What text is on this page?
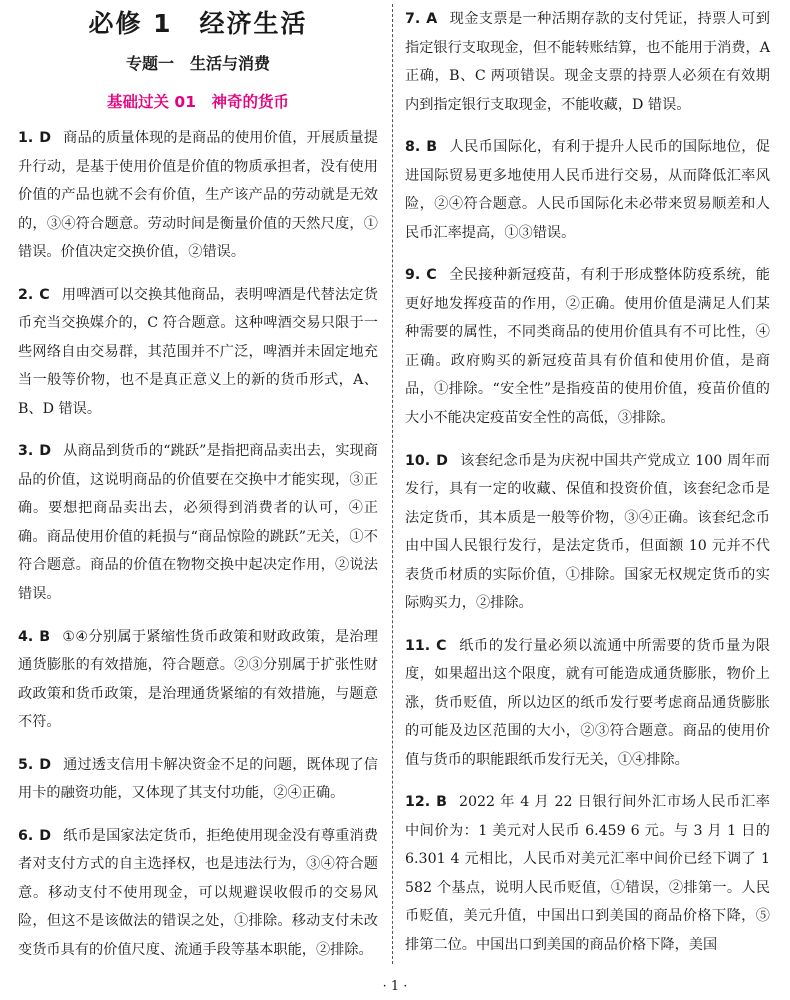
必修 1　经济生活
专题一　生活与消费
基础过关 01　神奇的货币

1. D 商品的质量体现的是商品的使用价值，开展质量提升行动，是基于使用价值是价值的物质承担者，没有使用价值的产品也就不会有价值，生产该产品的劳动就是无效的，③④符合题意。劳动时间是衡量价值的天然尺度，①错误。价值决定交换价值，②错误。

2. C 用啤酒可以交换其他商品，表明啤酒是代替法定货币充当交换媒介的，C 符合题意。这种啤酒交易只限于一些网络自由交易群，其范围并不广泛，啤酒并未固定地充当一般等价物，也不是真正意义上的新的货币形式，A、B、D 错误。

3. D 从商品到货币的“跳跃”是指把商品卖出去，实现商品的价值，这说明商品的价值要在交换中才能实现，③正确。要想把商品卖出去，必须得到消费者的认可，④正确。商品使用价值的耗损与“商品惊险的跳跃”无关，①不符合题意。商品的价值在物物交换中起决定作用，②说法错误。

4. B ①④分别属于紧缩性货币政策和财政政策，是治理通货膨胀的有效措施，符合题意。②③分别属于扩张性财政政策和货币政策，是治理通货紧缩的有效措施，与题意不符。

5. D 通过透支信用卡解决资金不足的问题，既体现了信用卡的融资功能，又体现了其支付功能，②④正确。

6. D 纸币是国家法定货币，拒绝使用现金没有尊重消费者对支付方式的自主选择权，也是违法行为，③④符合题意。移动支付不使用现金，可以规避误收假币的交易风险，但这不是该做法的错误之处，①排除。移动支付未改变货币具有的价值尺度、流通手段等基本职能，②排除。

7. A 现金支票是一种活期存款的支付凭证，持票人可到指定银行支取现金，但不能转账结算，也不能用于消费，A 正确，B、C 两项错误。现金支票的持票人必须在有效期内到指定银行支取现金，不能收藏，D 错误。

8. B 人民币国际化，有利于提升人民币的国际地位，促进国际贸易更多地使用人民币进行交易，从而降低汇率风险，②④符合题意。人民币国际化未必带来贸易顺差和人民币汇率提高，①③错误。

9. C 全民接种新冠疫苗，有利于形成整体防疫系统，能更好地发挥疫苗的作用，②正确。使用价值是满足人们某种需要的属性，不同类商品的使用价值具有不可比性，④正确。政府购买的新冠疫苗具有价值和使用价值，是商品，①排除。“安全性”是指疫苗的使用价值，疫苗价值的大小不能决定疫苗安全性的高低，③排除。

10. D 该套纪念币是为庆祝中国共产党成立 100 周年而发行，具有一定的收藏、保值和投资价值，该套纪念币是法定货币，其本质是一般等价物，③④正确。该套纪念币由中国人民银行发行，是法定货币，但面额 10 元并不代表货币材质的实际价值，①排除。国家无权规定货币的实际购买力，②排除。

11. C 纸币的发行量必须以流通中所需要的货币量为限度，如果超出这个限度，就有可能造成通货膨胀，物价上涨，货币贬值，所以边区的纸币发行要考虑商品通货膨胀的可能及边区范围的大小，②③符合题意。商品的使用价值与货币的职能跟纸币发行无关，①④排除。

12. B 2022 年 4 月 22 日银行间外汇市场人民币汇率中间价为：1 美元对人民币 6.459 6 元。与 3 月 1 日的 6.301 4 元相比，人民币对美元汇率中间价已经下调了 1 582 个基点，说明人民币贬值，①错误，②排第一。人民币贬值，美元升值，中国出口到美国的商品价格下降，⑤排第二位。中国出口到美国的商品价格下降，美国

· 1 ·
